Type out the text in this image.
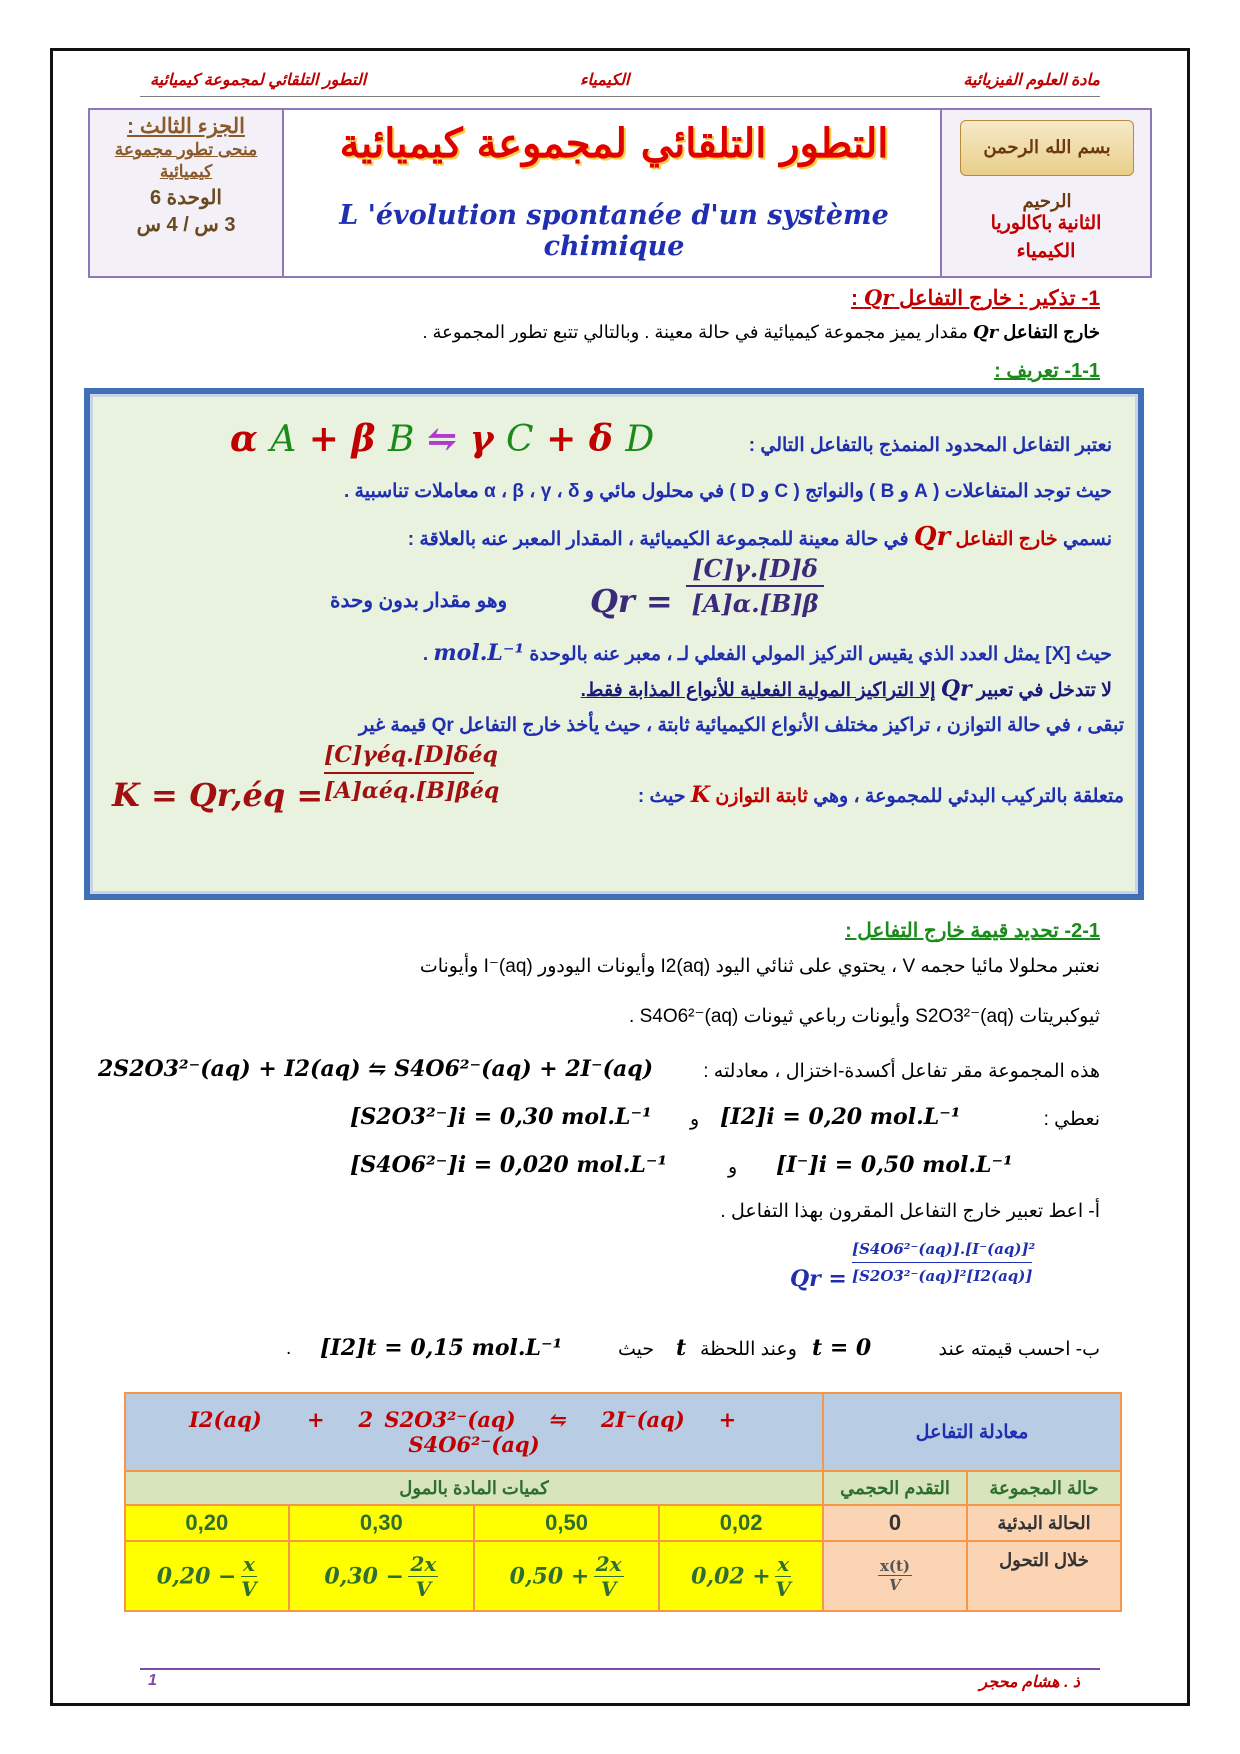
مادة العلوم الفيزيائية
الكيمياء
التطور التلقائي لمجموعة كيميائية
الجزء الثالث :
منحى تطور مجموعة كيميائية
الوحدة 6
3 س / 4 س
التطور التلقائي لمجموعة كيميائية
L 'évolution spontanée d'un système chimique
بسم الله الرحمن الرحيم
الثانية باكالوريا
الكيمياء
1- تذكير : خارج التفاعل Qr :
خارج التفاعل Qr مقدار يميز مجموعة كيميائية في حالة معينة . وبالتالي تتبع تطور المجموعة .
1-1- تعريف :
نعتبر التفاعل المحدود المنمذج بالتفاعل التالي :
α A + β B ⇋ γ C + δ D
حيث توجد المتفاعلات ( A و B ) والنواتج ( C و D ) في محلول مائي و α ، β ، γ ، δ معاملات تناسبية .
نسمي خارج التفاعل Qr في حالة معينة للمجموعة الكيميائية ، المقدار المعبر عنه بالعلاقة :
وهو مقدار بدون وحدة	$Qr = \frac{[C]\gamma.[D]\delta}{[A]\alpha.[B]\beta}$
حيث [X] يمثل العدد الذي يقيس التركيز المولي الفعلي لـ ، معبر عنه بالوحدة mol.L⁻¹ .
لا تتدخل في تعبير Qr إلا التراكيز المولية الفعلية للأنواع المذابة فقط.
تبقى ، في حالة التوازن ، تراكيز مختلف الأنواع الكيميائية ثابتة ، حيث يأخذ خارج التفاعل Qr قيمة غير
متعلقة بالتركيب البدئي للمجموعة ، وهي ثابتة التوازن K حيث :
K = Qr,éq =
[C]γéq.[D]δéq
[A]αéq.[B]βéq
2-1- تحديد قيمة خارج التفاعل :
نعتبر محلولا مائيا حجمه V ، يحتوي على ثنائي اليود I2(aq) وأيونات اليودور I⁻(aq) وأيونات
ثيوكبريتات S2O3²⁻(aq) وأيونات رباعي ثيونات S4O6²⁻(aq) .
هذه المجموعة مقر تفاعل أكسدة-اختزال ، معادلته :
2S2O3²⁻(aq) + I2(aq) ⇋ S4O6²⁻(aq) + 2I⁻(aq)
نعطي :
[I2]i = 0,20 mol.L⁻¹
و
[S2O3²⁻]i = 0,30 mol.L⁻¹
[I⁻]i = 0,50 mol.L⁻¹
و
[S4O6²⁻]i = 0,020 mol.L⁻¹
أ- اعط تعبير خارج التفاعل المقرون بهذا التفاعل .
$Qr = \frac{\text{[S4O6²⁻(aq)].[I⁻(aq)]²}}{\text{[S2O3²⁻(aq)]²[I2(aq)]}}$
ب- احسب قيمته عند
t = 0
وعند اللحظة
t
حيث
[I2]t = 0,15 mol.L⁻¹
.
I2(aq) + 2 S2O3²⁻(aq) ⇋ 2I⁻(aq) +   S4O6²⁻(aq)				معادلة التفاعل	
كميات المادة بالمول				التقدم الحجمي	حالة المجموعة
0,20	0,30	0,50	0,02	0	الحالة البدئية
$0,20 - \frac{x}{V}$	$0,30 - \frac{2x}{V}$	$0,50 + \frac{2x}{V}$	$0,02 + \frac{x}{V}$	$\frac{x(t)}{V}$	خلال التحول
ذ . هشام محجر
1
